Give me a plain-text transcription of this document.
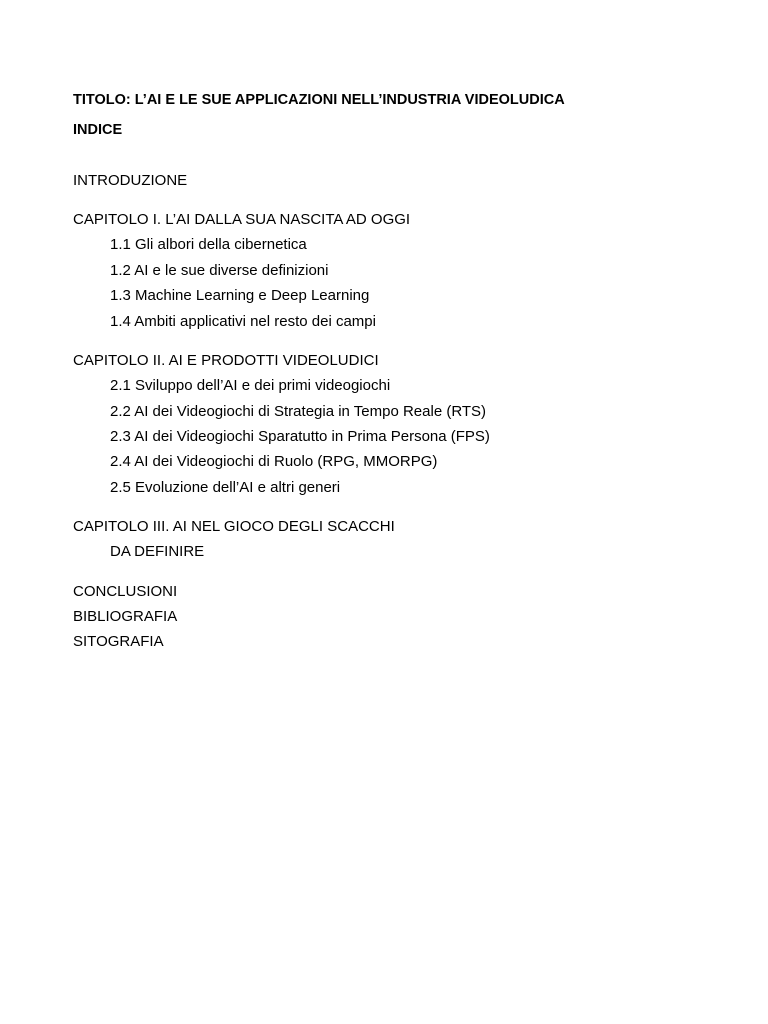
TITOLO: L’AI E LE SUE APPLICAZIONI NELL’INDUSTRIA VIDEOLUDICA
INDICE
INTRODUZIONE
CAPITOLO I. L’AI DALLA SUA NASCITA AD OGGI
1.1 Gli albori della cibernetica
1.2 AI e le sue diverse definizioni
1.3 Machine Learning e Deep Learning
1.4 Ambiti applicativi nel resto dei campi
CAPITOLO II. AI E PRODOTTI VIDEOLUDICI
2.1 Sviluppo dell’AI e dei primi videogiochi
2.2 AI dei Videogiochi di Strategia in Tempo Reale (RTS)
2.3 AI dei Videogiochi Sparatutto in Prima Persona (FPS)
2.4 AI dei Videogiochi di Ruolo (RPG, MMORPG)
2.5 Evoluzione dell’AI e altri generi
CAPITOLO III. AI NEL GIOCO DEGLI SCACCHI
DA DEFINIRE
CONCLUSIONI
BIBLIOGRAFIA
SITOGRAFIA
